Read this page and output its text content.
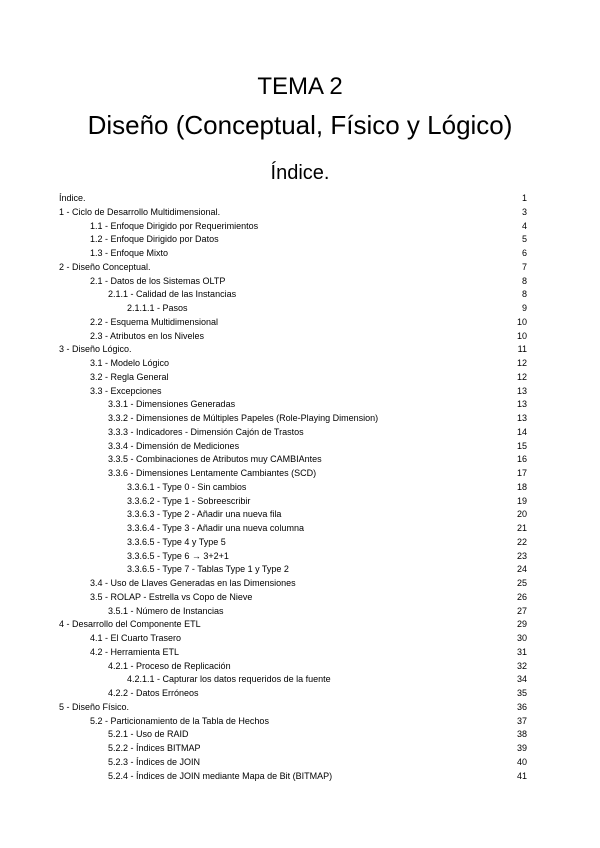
TEMA 2
Diseño (Conceptual, Físico y Lógico)
Índice.
Índice.	1
1 - Ciclo de Desarrollo Multidimensional.	3
1.1 - Enfoque Dirigido por Requerimientos	4
1.2 - Enfoque Dirigido por Datos	5
1.3 - Enfoque Mixto	6
2 - Diseño Conceptual.	7
2.1 - Datos de los Sistemas OLTP	8
2.1.1 - Calidad de las Instancias	8
2.1.1.1 - Pasos	9
2.2 - Esquema Multidimensional	10
2.3 - Atributos en los Niveles	10
3 - Diseño Lógico.	11
3.1 - Modelo Lógico	12
3.2 - Regla General	12
3.3 - Excepciones	13
3.3.1 - Dimensiones Generadas	13
3.3.2 - Dimensiones de Múltiples Papeles (Role-Playing Dimension)	13
3.3.3 - Indicadores - Dimensión Cajón de Trastos	14
3.3.4 - Dimensión de Mediciones	15
3.3.5 - Combinaciones de Atributos muy CAMBIAntes	16
3.3.6 - Dimensiones Lentamente Cambiantes (SCD)	17
3.3.6.1 - Type 0 - Sin cambios	18
3.3.6.2 - Type 1 - Sobreescribir	19
3.3.6.3 - Type 2 - Añadir una nueva fila	20
3.3.6.4 - Type 3 - Añadir una nueva columna	21
3.3.6.5 - Type 4 y Type 5	22
3.3.6.5 - Type 6 → 3+2+1	23
3.3.6.5 - Type 7 - Tablas Type 1 y Type 2	24
3.4 - Uso de Llaves Generadas en las Dimensiones	25
3.5 - ROLAP - Estrella vs Copo de Nieve	26
3.5.1 - Número de Instancias	27
4 - Desarrollo del Componente ETL	29
4.1 - El Cuarto Trasero	30
4.2 - Herramienta ETL	31
4.2.1 - Proceso de Replicación	32
4.2.1.1 - Capturar los datos requeridos de la fuente	34
4.2.2 - Datos Erróneos	35
5 - Diseño Físico.	36
5.2 - Particionamiento de la Tabla de Hechos	37
5.2.1 - Uso de RAID	38
5.2.2 - Índices BITMAP	39
5.2.3 - Índices de JOIN	40
5.2.4 - Índices de JOIN mediante Mapa de Bit (BITMAP)	41
